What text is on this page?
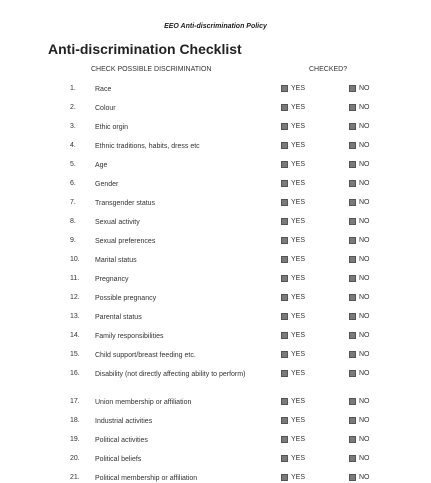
EEO Anti-discrimination Policy
Anti-discrimination Checklist
CHECK POSSIBLE DISCRIMINATION	CHECKED?
1.	Race	YES	NO
2.	Colour	YES	NO
3.	Ethic orgin	YES	NO
4.	Ethnic traditions, habits, dress etc	YES	NO
5.	Age	YES	NO
6.	Gender	YES	NO
7.	Transgender status	YES	NO
8.	Sexual activity	YES	NO
9.	Sexual preferences	YES	NO
10. Marital status	YES	NO
11. Pregnancy	YES	NO
12. Possible pregnancy	YES	NO
13. Parental status	YES	NO
14. Family responsibilities	YES	NO
15. Child support/breast feeding etc.	YES	NO
16. Disability (not directly affecting ability to perform)	YES	NO
17. Union membership or affiliation	YES	NO
18. Industrial activities	YES	NO
19. Political activities	YES	NO
20. Political beliefs	YES	NO
21. Political membership or affiliation	YES	NO
